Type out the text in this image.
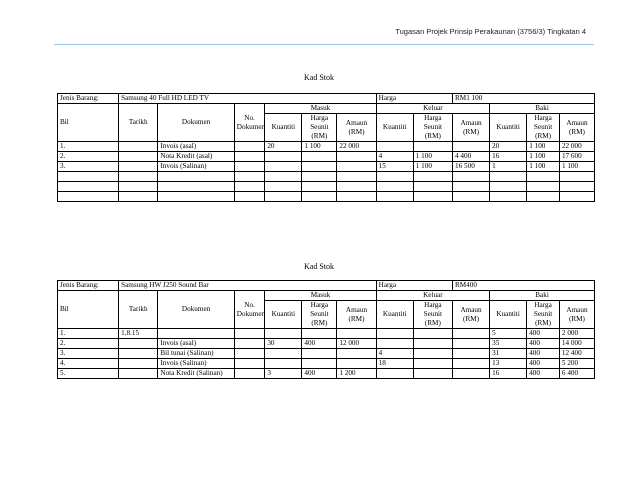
Tugasan Projek Prinsip Perakaunan (3756/3) Tingkatan 4
Kad Stok
Jenis Barang:	Samsung 40 Full HD LED TV						Harga		RM1 100			
Bil	Tarikh	Dokumen	No. Dokumen	Masuk			Keluar			Baki		
				Kuantiti	Harga Seunit (RM)	Amaun (RM)	Kuantiti	Harga Seunit (RM)	Amaun (RM)	Kuantiti	Harga Seunit (RM)	Amaun (RM)
1.		Invois (asal)		20	1 100	22 000				20	1 100	22 000
2.		Nota Kredit (asal)					4	1 100	4 400	16	1 100	17 600
3.		Invois (Salinan)					15	1 100	16 500	1	1 100	1 100

Kad Stok
Jenis Barang:	Samsung HW J250 Sound Bar						Harga		RM400			
Bil	Tarikh	Dokumen	No. Dokumen	Masuk			Keluar			Baki		
				Kuantiti	Harga Seunit (RM)	Amaun (RM)	Kuantiti	Harga Seunit (RM)	Amaun (RM)	Kuantiti	Harga Seunit (RM)	Amaun (RM)
1.	1.8.15									5	400	2 000
2.		Invois (asal)		30	400	12 000				35	400	14 000
3.		Bil tunai (Salinan)					4			31	400	12 400
4.		Invois (Salinan)					18			13	400	5 200
5.		Nota Kredit (Salinan)		3	400	1 200				16	400	6 400
